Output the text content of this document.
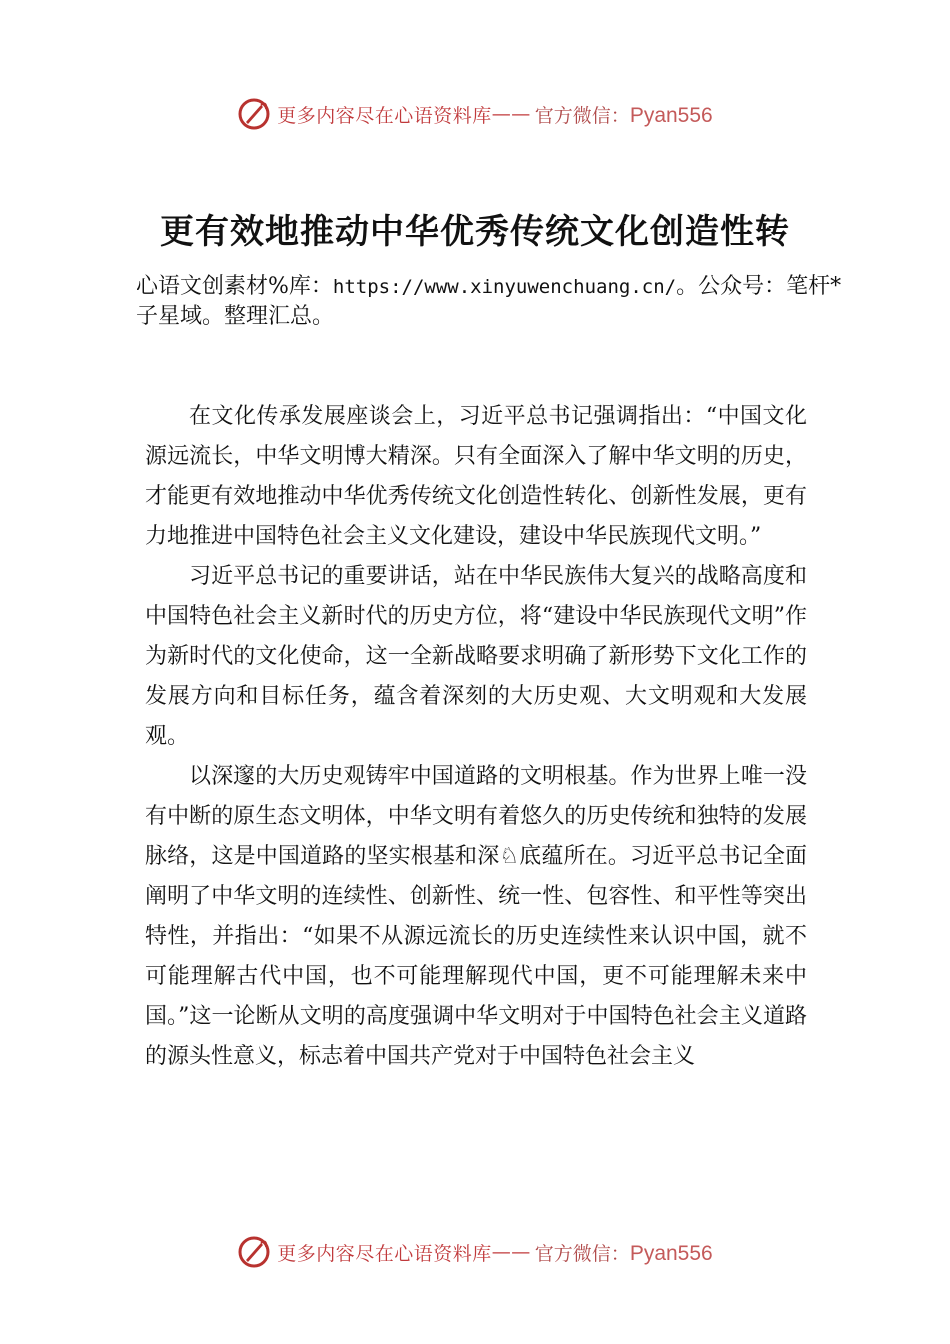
更多内容尽在心语资料库 —— 官方微信：Pyan556
更有效地推动中华优秀传统文化创造性转
心语文创素材%库：https://www.xinyuwenchuang.cn/。公众号：笔杆*子星域。整理汇总。

在文化传承发展座谈会上，习近平总书记强调指出：“中国文化源远流长，中华文明博大精深。只有全面深入了解中华文明的历史，才能更有效地推动中华优秀传统文化创造性转化、创新性发展，更有力地推进中国特色社会主义文化建设，建设中华民族现代文明。”

习近平总书记的重要讲话，站在中华民族伟大复兴的战略高度和中国特色社会主义新时代的历史方位，将“建设中华民族现代文明”作为新时代的文化使命，这一全新战略要求明确了新形势下文化工作的发展方向和目标任务，蕴含着深刻的大历史观、大文明观和大发展观。

以深邃的大历史观铸牢中国道路的文明根基。作为世界上唯一没有中断的原生态文明体，中华文明有着悠久的历史传统和独特的发展脉络，这是中国道路的坚实根基和深♘底蕴所在。习近平总书记全面阐明了中华文明的连续性、创新性、统一性、包容性、和平性等突出特性，并指出：“如果不从源远流长的历史连续性来认识中国，就不可能理解古代中国，也不可能理解现代中国，更不可能理解未来中国。”这一论断从文明的高度强调中华文明对于中国特色社会主义道路的源头性意义，标志着中国共产党对于中国特色社会主义

更多内容尽在心语资料库 —— 官方微信：Pyan556
